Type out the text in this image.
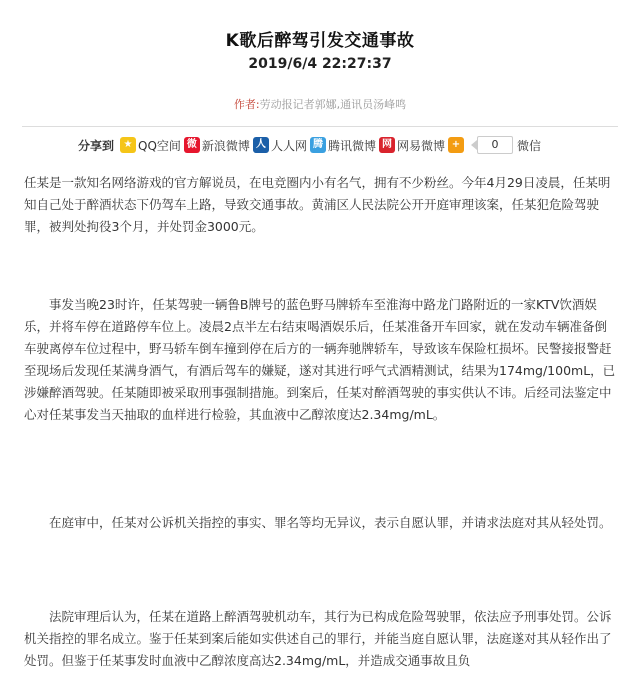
K歌后醉驾引发交通事故
2019/6/4 22:27:37
作者:劳动报记者郭娜,通讯员汤峰鸣
分享到 ★ QQ空间 微 新浪微博 人 人人网 腾 腾讯微博 网 网易微博 +	0	微信

任某是一款知名网络游戏的官方解说员，在电竞圈内小有名气，拥有不少粉丝。今年4月29日凌晨，任某明知自己处于醉酒状态下仍驾车上路，导致交通事故。黄浦区人民法院公开开庭审理该案，任某犯危险驾驶罪，被判处拘役3个月，并处罚金3000元。

　　事发当晚23时许，任某驾驶一辆鲁B牌号的蓝色野马牌轿车至淮海中路龙门路附近的一家KTV饮酒娱乐，并将车停在道路停车位上。凌晨2点半左右结束喝酒娱乐后，任某准备开车回家，就在发动车辆准备倒车驶离停车位过程中，野马轿车倒车撞到停在后方的一辆奔驰牌轿车，导致该车保险杠损坏。民警接报警赶至现场后发现任某满身酒气，有酒后驾车的嫌疑，遂对其进行呼气式酒精测试，结果为174mg/100mL，已涉嫌醉酒驾驶。任某随即被采取刑事强制措施。到案后，任某对醉酒驾驶的事实供认不讳。后经司法鉴定中心对任某事发当天抽取的血样进行检验，其血液中乙醇浓度达2.34mg/mL。

　　在庭审中，任某对公诉机关指控的事实、罪名等均无异议，表示自愿认罪，并请求法庭对其从轻处罚。

　　法院审理后认为，任某在道路上醉酒驾驶机动车，其行为已构成危险驾驶罪，依法应予刑事处罚。公诉机关指控的罪名成立。鉴于任某到案后能如实供述自己的罪行，并能当庭自愿认罪，法庭遂对其从轻作出了处罚。但鉴于任某事发时血液中乙醇浓度高达2.34mg/mL，并造成交通事故且负
